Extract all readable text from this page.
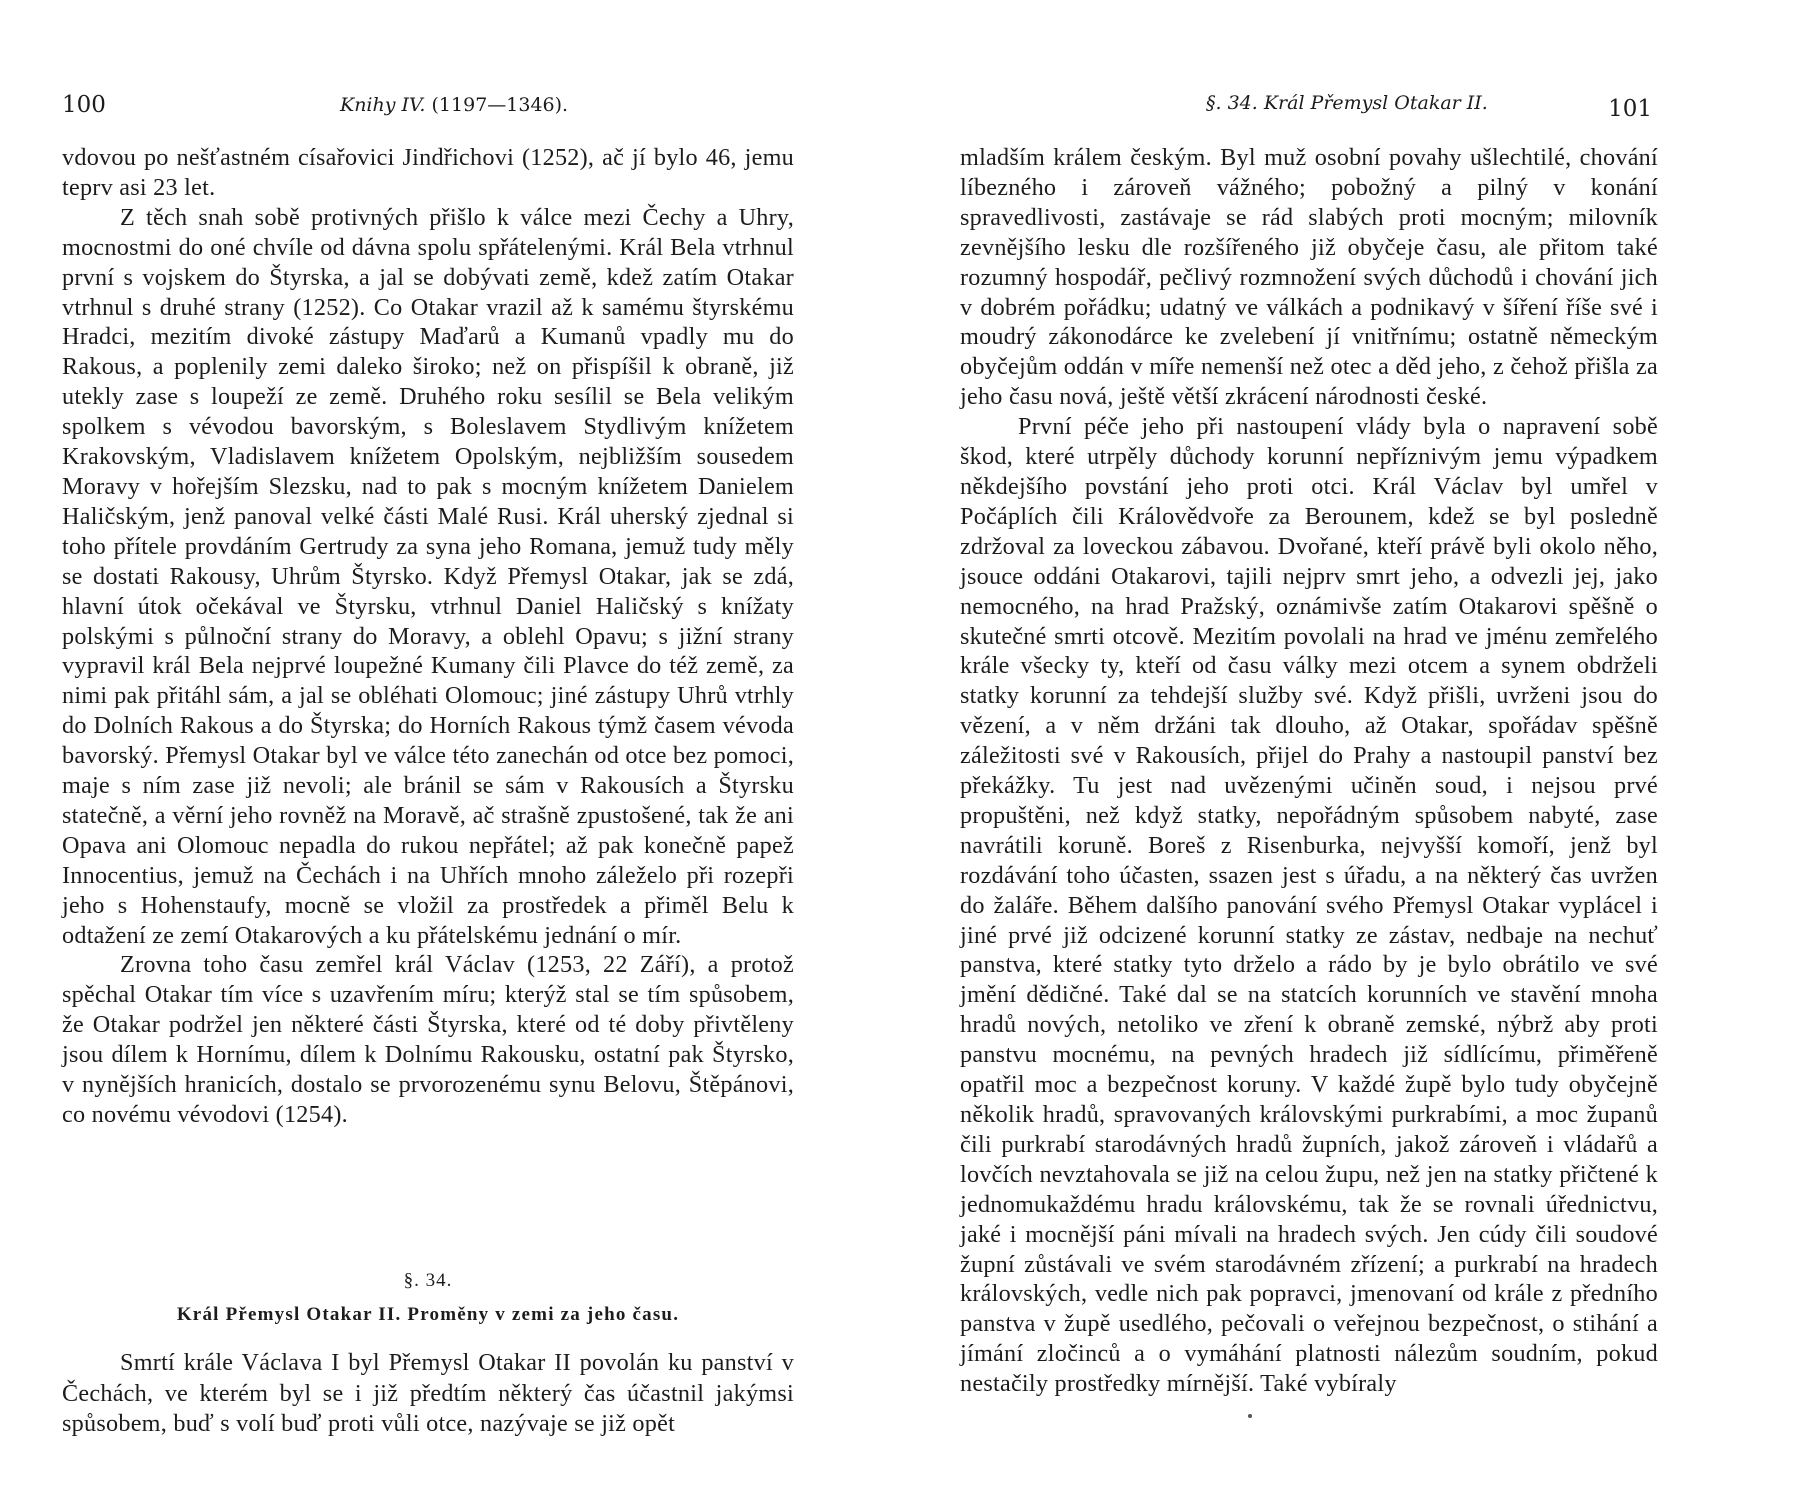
100	Knihy IV. (1197—1346).

vdovou po nešťastném císařovici Jindřichovi (1252), ač jí bylo 46, jemu teprv asi 23 let.

Z těch snah sobě protivných přišlo k válce mezi Čechy a Uhry, mocnostmi do oné chvíle od dávna spolu spřátelenými. Král Bela vtrhnul první s vojskem do Štyrska, a jal se dobývati země, kdež zatím Otakar vtrhnul s druhé strany (1252). Co Otakar vrazil až k samému štyrskému Hradci, mezitím divoké zástupy Maďarů a Kumanů vpadly mu do Rakous, a poplenily zemi daleko široko; než on přispíšil k obraně, již utekly zase s loupeží ze země. Druhého roku sesílil se Bela velikým spolkem s vévodou bavorským, s Boleslavem Stydlivým knížetem Krakovským, Vladislavem knížetem Opolským, nejbližším sousedem Moravy v hořejším Slezsku, nad to pak s mocným knížetem Danielem Haličským, jenž panoval velké části Malé Rusi. Král uherský zjednal si toho přítele provdáním Gertrudy za syna jeho Romana, jemuž tudy měly se dostati Rakousy, Uhrům Štyrsko. Když Přemysl Otakar, jak se zdá, hlavní útok očekával ve Štyrsku, vtrhnul Daniel Haličský s knížaty polskými s půlnoční strany do Moravy, a oblehl Opavu; s jižní strany vypravil král Bela nejprvé loupežné Kumany čili Plavce do též země, za nimi pak přitáhl sám, a jal se obléhati Olomouc; jiné zástupy Uhrů vtrhly do Dolních Rakous a do Štyrska; do Horních Rakous týmž časem vévoda bavorský. Přemysl Otakar byl ve válce této zanechán od otce bez pomoci, maje s ním zase již nevoli; ale bránil se sám v Rakousích a Štyrsku statečně, a věrní jeho rovněž na Moravě, ač strašně zpustošené, tak že ani Opava ani Olomouc nepadla do rukou nepřátel; až pak konečně papež Innocentius, jemuž na Čechách i na Uhřích mnoho záleželo při rozepři jeho s Hohenstaufy, mocně se vložil za prostředek a přiměl Belu k odtažení ze zemí Otakarových a ku přátelskému jednání o mír.

Zrovna toho času zemřel král Václav (1253, 22 Září), a protož spěchal Otakar tím více s uzavřením míru; kterýž stal se tím spůsobem, že Otakar podržel jen některé části Štyrska, které od té doby přivtěleny jsou dílem k Hornímu, dílem k Dolnímu Rakousku, ostatní pak Štyrsko, v nynějších hranicích, dostalo se prvorozenému synu Belovu, Štěpánovi, co novému vévodovi (1254).

§. 34.
Král Přemysl Otakar II. Proměny v zemi za jeho času.

Smrtí krále Václava I byl Přemysl Otakar II povolán ku panství v Čechách, ve kterém byl se i již předtím některý čas účastnil jakýmsi spůsobem, buď s volí buď proti vůli otce, nazývaje se již opět

§. 34. Král Přemysl Otakar II.	101

mladším králem českým. Byl muž osobní povahy ušlechtilé, chování líbezného i zároveň vážného; pobožný a pilný v konání spravedlivosti, zastávaje se rád slabých proti mocným; milovník zevnějšího lesku dle rozšířeného již obyčeje času, ale přitom také rozumný hospodář, pečlivý rozmnožení svých důchodů i chování jich v dobrém pořádku; udatný ve válkách a podnikavý v šíření říše své i moudrý zákonodárce ke zvelebení jí vnitřnímu; ostatně německým obyčejům oddán v míře nemenší než otec a děd jeho, z čehož přišla za jeho času nová, ještě větší zkrácení národnosti české.

První péče jeho při nastoupení vlády byla o napravení sobě škod, které utrpěly důchody korunní nepříznivým jemu výpadkem někdejšího povstání jeho proti otci. Král Václav byl umřel v Počáplích čili Královědvoře za Berounem, kdež se byl posledně zdržoval za loveckou zábavou. Dvořané, kteří právě byli okolo něho, jsouce oddáni Otakarovi, tajili nejprv smrt jeho, a odvezli jej, jako nemocného, na hrad Pražský, oznámivše zatím Otakarovi spěšně o skutečné smrti otcově. Mezitím povolali na hrad ve jménu zemřelého krále všecky ty, kteří od času války mezi otcem a synem obdrželi statky korunní za tehdejší služby své. Když přišli, uvrženi jsou do vězení, a v něm držáni tak dlouho, až Otakar, spořádav spěšně záležitosti své v Rakousích, přijel do Prahy a nastoupil panství bez překážky. Tu jest nad uvězenými učiněn soud, i nejsou prvé propuštěni, než když statky, nepořádným spůsobem nabyté, zase navrátili koruně. Boreš z Risenburka, nejvyšší komoří, jenž byl rozdávání toho účasten, ssazen jest s úřadu, a na některý čas uvržen do žaláře. Během dalšího panování svého Přemysl Otakar vyplácel i jiné prvé již odcizené korunní statky ze zástav, nedbaje na nechuť panstva, které statky tyto drželo a rádo by je bylo obrátilo ve své jmění dědičné. Také dal se na statcích korunních ve stavění mnoha hradů nových, netoliko ve zření k obraně zemské, nýbrž aby proti panstvu mocnému, na pevných hradech již sídlícímu, přiměřeně opatřil moc a bezpečnost koruny. V každé župě bylo tudy obyčejně několik hradů, spravovaných královskými purkrabími, a moc županů čili purkrabí starodávných hradů župních, jakož zároveň i vládařů a lovčích nevztahovala se již na celou župu, než jen na statky přičtené k jednomukaždému hradu královskému, tak že se rovnali úřednictvu, jaké i mocnější páni mívali na hradech svých. Jen cúdy čili soudové župní zůstávali ve svém starodávném zřízení; a purkrabí na hradech královských, vedle nich pak popravci, jmenovaní od krále z předního panstva v župě usedlého, pečovali o veřejnou bezpečnost, o stihání a jímání zločinců a o vymáhání platnosti nálezům soudním, pokud nestačily prostředky mírnější. Také vybíraly
